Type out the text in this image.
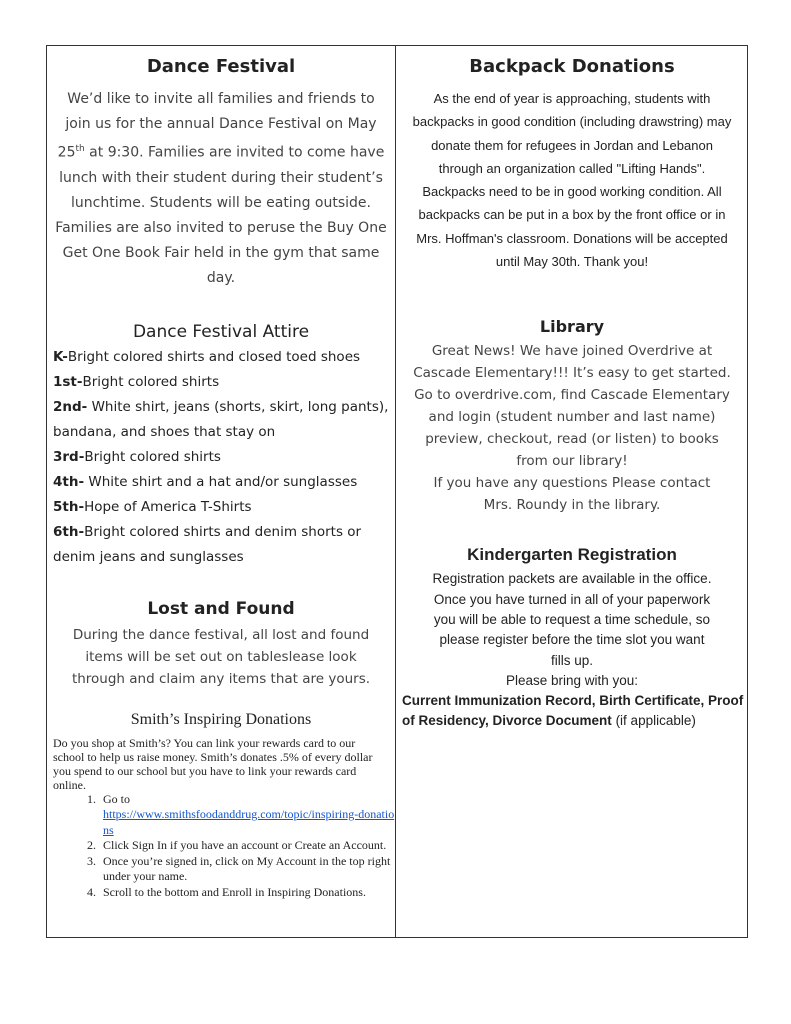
Dance Festival

We’d like to invite all families and friends to join us for the annual Dance Festival on May 25th at 9:30. Families are invited to come have lunch with their student during their student’s lunchtime. Students will be eating outside. Families are also invited to peruse the Buy One Get One Book Fair held in the gym that same day.

Dance Festival Attire

K-Bright colored shirts and closed toed shoes

1st-Bright colored shirts

2nd- White shirt, jeans (shorts, skirt, long pants), bandana, and shoes that stay on

3rd-Bright colored shirts

4th- White shirt and a hat and/or sunglasses

5th-Hope of America T-Shirts

6th-Bright colored shirts and denim shorts or denim jeans and sunglasses

Lost and Found

During the dance festival, all lost and found items will be set out on tableslease look through and claim any items that are yours.

Smith’s Inspiring Donations

Do you shop at Smith’s? You can link your rewards card to our school to help us raise money. Smith’s donates .5% of every dollar you spend to our school but you have to link your rewards card online.

1. Go to
https://www.smithsfoodanddrug.com/topic/inspiring-donations
2. Click Sign In if you have an account or Create an Account.
3. Once you’re signed in, click on My Account in the top right under your name.
4. Scroll to the bottom and Enroll in Inspiring Donations.
Backpack Donations

As the end of year is approaching, students with backpacks in good condition (including drawstring) may donate them for refugees in Jordan and Lebanon through an organization called "Lifting Hands". Backpacks need to be in good working condition. All backpacks can be put in a box by the front office or in Mrs. Hoffman's classroom. Donations will be accepted until May 30th. Thank you!

Library

Great News! We have joined Overdrive at Cascade Elementary!!! It’s easy to get started. Go to overdrive.com, find Cascade Elementary and login (student number and last name) preview, checkout, read (or listen) to books from our library!

If you have any questions Please contact Mrs. Roundy in the library.

Kindergarten Registration

Registration packets are available in the office.

Once you have turned in all of your paperwork you will be able to request a time schedule, so please register before the time slot you want fills up.

Please bring with you:

Current Immunization Record, Birth Certificate, Proof of Residency, Divorce Document (if applicable)
